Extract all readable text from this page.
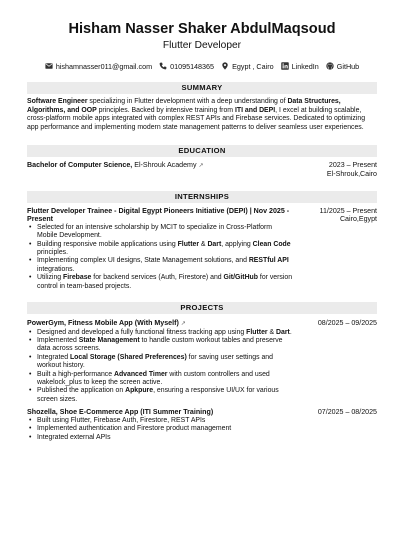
Hisham Nasser Shaker AbdulMaqsoud
Flutter Developer
hishamnasser011@gmail.com	01095148365	Egypt , Cairo	LinkedIn	GitHub
SUMMARY

Software Engineer specializing in Flutter development with a deep understanding of Data Structures, Algorithms, and OOP principles. Backed by intensive training from ITI and DEPI, I excel at building scalable, cross-platform mobile apps integrated with complex REST APIs and Firebase services. Dedicated to optimizing app performance and implementing modern state management patterns to deliver seamless user experiences.

EDUCATION
Bachelor of Computer Science, El-Shrouk Academy ↗	2023 – Present
El-Shrouk,Cairo
INTERNSHIPS
Flutter Developer Trainee - Digital Egypt Pioneers Initiative (DEPI) | Nov 2025 - Present
11/2025 – Present
Cairo,Egypt
• Selected for an intensive scholarship by MCIT to specialize in Cross-Platform Mobile Development.
• Building responsive mobile applications using Flutter & Dart, applying Clean Code principles.
• Implementing complex UI designs, State Management solutions, and RESTful API integrations.
• Utilizing Firebase for backend services (Auth, Firestore) and Git/GitHub for version control in team-based projects.
PROJECTS
PowerGym, Fitness Mobile App (With Myself) ↗	08/2025 – 09/2025
• Designed and developed a fully functional fitness tracking app using Flutter & Dart.
• Implemented State Management to handle custom workout tables and preserve data across screens.
• Integrated Local Storage (Shared Preferences) for saving user settings and workout history.
• Built a high-performance Advanced Timer with custom controllers and used wakelock_plus to keep the screen active.
• Published the application on Apkpure, ensuring a responsive UI/UX for various screen sizes.
Shozella, Shoe E-Commerce App (ITI Summer Training)	07/2025 – 08/2025
• Built using Flutter, Firebase Auth, Firestore, REST APIs
• Implemented authentication and Firestore product management
• Integrated external APIs
